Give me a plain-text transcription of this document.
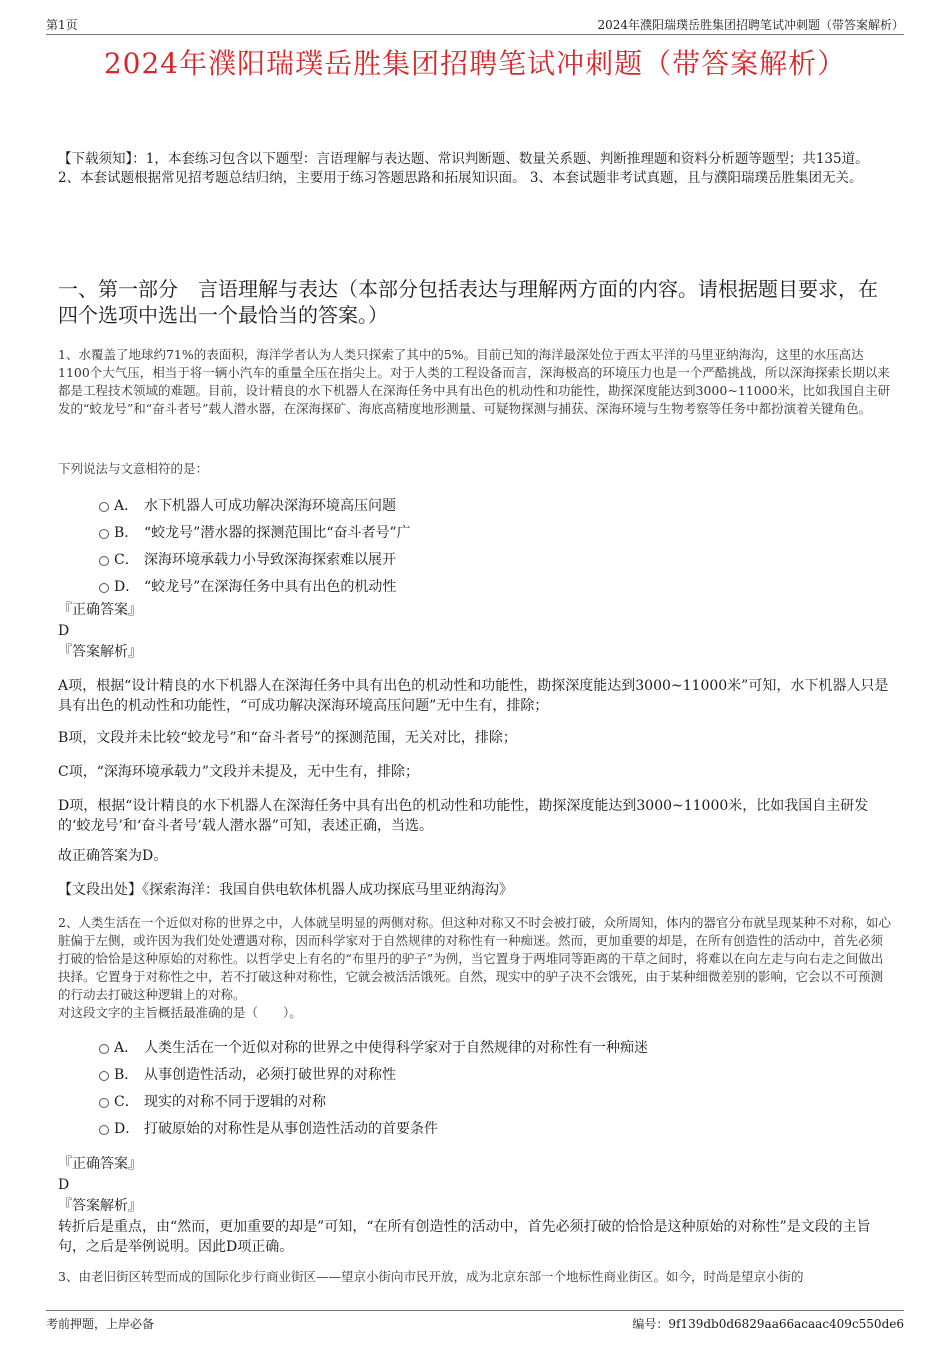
第1页	2024年濮阳瑞璞岳胜集团招聘笔试冲刺题（带答案解析）
2024年濮阳瑞璞岳胜集团招聘笔试冲刺题（带答案解析）

【下载须知】：1，本套练习包含以下题型：言语理解与表达题、常识判断题、数量关系题、判断推理题和资料分析题等题型；共135道。 2、本套试题根据常见招考题总结归纳，主要用于练习答题思路和拓展知识面。 3、本套试题非考试真题，且与濮阳瑞璞岳胜集团无关。

一、第一部分　言语理解与表达（本部分包括表达与理解两方面的内容。请根据题目要求，在四个选项中选出一个最恰当的答案。）

1、水覆盖了地球约71%的表面积，海洋学者认为人类只探索了其中的5%。目前已知的海洋最深处位于西太平洋的马里亚纳海沟，这里的水压高达1100个大气压，相当于将一辆小汽车的重量全压在指尖上。对于人类的工程设备而言，深海极高的环境压力也是一个严酷挑战，所以深海探索长期以来都是工程技术领域的难题。目前，设计精良的水下机器人在深海任务中具有出色的机动性和功能性，勘探深度能达到3000~11000米，比如我国自主研发的“蛟龙号”和“奋斗者号”载人潜水器，在深海探矿、海底高精度地形测量、可疑物探测与捕获、深海环境与生物考察等任务中都扮演着关键角色。

下列说法与文意相符的是：

A． 水下机器人可成功解决深海环境高压问题
B． “蛟龙号”潜水器的探测范围比“奋斗者号”广
C． 深海环境承载力小导致深海探索难以展开
D． “蛟龙号”在深海任务中具有出色的机动性

『正确答案』

D

『答案解析』

A项，根据“设计精良的水下机器人在深海任务中具有出色的机动性和功能性，勘探深度能达到3000~11000米”可知，水下机器人只是具有出色的机动性和功能性，“可成功解决深海环境高压问题”无中生有，排除；

B项，文段并未比较“蛟龙号”和“奋斗者号”的探测范围，无关对比，排除；

C项，“深海环境承载力”文段并未提及，无中生有，排除；

D项，根据“设计精良的水下机器人在深海任务中具有出色的机动性和功能性，勘探深度能达到3000~11000米，比如我国自主研发的‘蛟龙号’和‘奋斗者号’载人潜水器”可知，表述正确，当选。

故正确答案为D。

【文段出处】《探索海洋：我国自供电软体机器人成功探底马里亚纳海沟》

2、人类生活在一个近似对称的世界之中，人体就呈明显的两侧对称。但这种对称又不时会被打破，众所周知，体内的器官分布就呈现某种不对称，如心脏偏于左侧，或许因为我们处处遭遇对称，因而科学家对于自然规律的对称性有一种痴迷。然而，更加重要的却是，在所有创造性的活动中，首先必须打破的恰恰是这种原始的对称性。以哲学史上有名的“布里丹的驴子”为例，当它置身于两堆同等距离的干草之间时，将难以在向左走与向右走之间做出抉择。它置身于对称性之中，若不打破这种对称性，它就会被活活饿死。自然，现实中的驴子决不会饿死，由于某种细微差别的影响，它会以不可预测的行动去打破这种逻辑上的对称。

对这段文字的主旨概括最准确的是（　　）。

A． 人类生活在一个近似对称的世界之中使得科学家对于自然规律的对称性有一种痴迷
B． 从事创造性活动，必须打破世界的对称性
C． 现实的对称不同于逻辑的对称
D． 打破原始的对称性是从事创造性活动的首要条件

『正确答案』

D

『答案解析』

转折后是重点，由“然而，更加重要的却是”可知，“在所有创造性的活动中，首先必须打破的恰恰是这种原始的对称性”是文段的主旨句，之后是举例说明。因此D项正确。

3、由老旧街区转型而成的国际化步行商业街区——望京小街向市民开放，成为北京东部一个地标性商业街区。如今，时尚是望京小街的

考前押题，上岸必备	编号：9f139db0d6829aa66acaac409c550de6
